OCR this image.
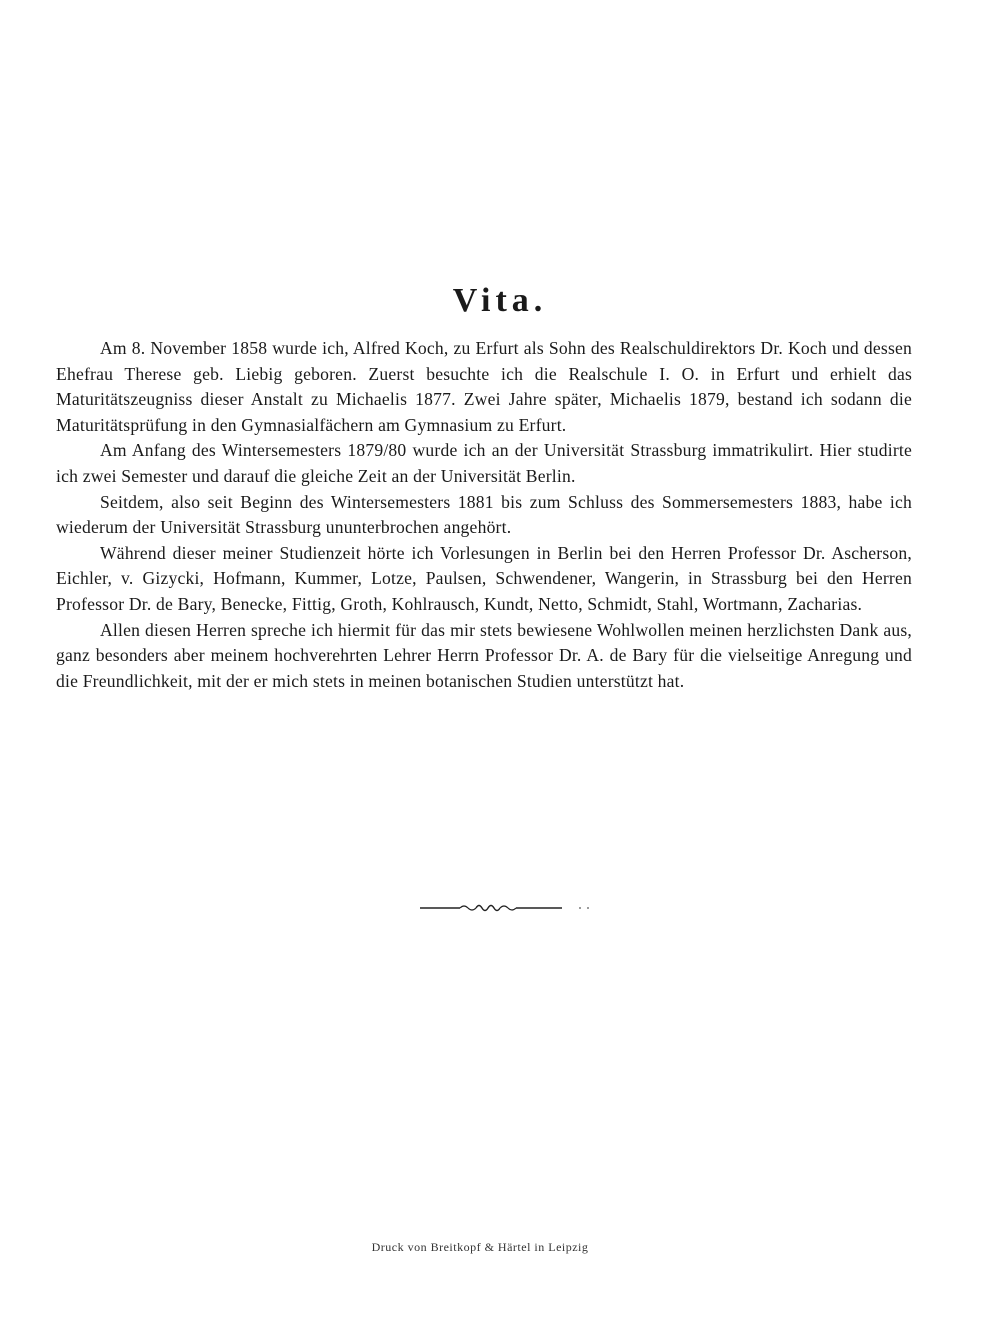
Vita.

Am 8. November 1858 wurde ich, Alfred Koch, zu Erfurt als Sohn des Realschuldirektors Dr. Koch und dessen Ehefrau Therese geb. Liebig geboren. Zuerst besuchte ich die Realschule I. O. in Erfurt und erhielt das Maturitätszeugniss dieser Anstalt zu Michaelis 1877. Zwei Jahre später, Michaelis 1879, bestand ich sodann die Maturitätsprüfung in den Gymnasialfächern am Gymnasium zu Erfurt.

Am Anfang des Wintersemesters 1879/80 wurde ich an der Universität Strassburg immatrikulirt. Hier studirte ich zwei Semester und darauf die gleiche Zeit an der Universität Berlin.

Seitdem, also seit Beginn des Wintersemesters 1881 bis zum Schluss des Sommersemesters 1883, habe ich wiederum der Universität Strassburg ununterbrochen angehört.

Während dieser meiner Studienzeit hörte ich Vorlesungen in Berlin bei den Herren Professor Dr. Ascherson, Eichler, v. Gizycki, Hofmann, Kummer, Lotze, Paulsen, Schwendener, Wangerin, in Strassburg bei den Herren Professor Dr. de Bary, Benecke, Fittig, Groth, Kohlrausch, Kundt, Netto, Schmidt, Stahl, Wortmann, Zacharias.

Allen diesen Herren spreche ich hiermit für das mir stets bewiesene Wohlwollen meinen herzlichsten Dank aus, ganz besonders aber meinem hochverehrten Lehrer Herrn Professor Dr. A. de Bary für die vielseitige Anregung und die Freundlichkeit, mit der er mich stets in meinen botanischen Studien unterstützt hat.

Druck von Breitkopf & Härtel in Leipzig
